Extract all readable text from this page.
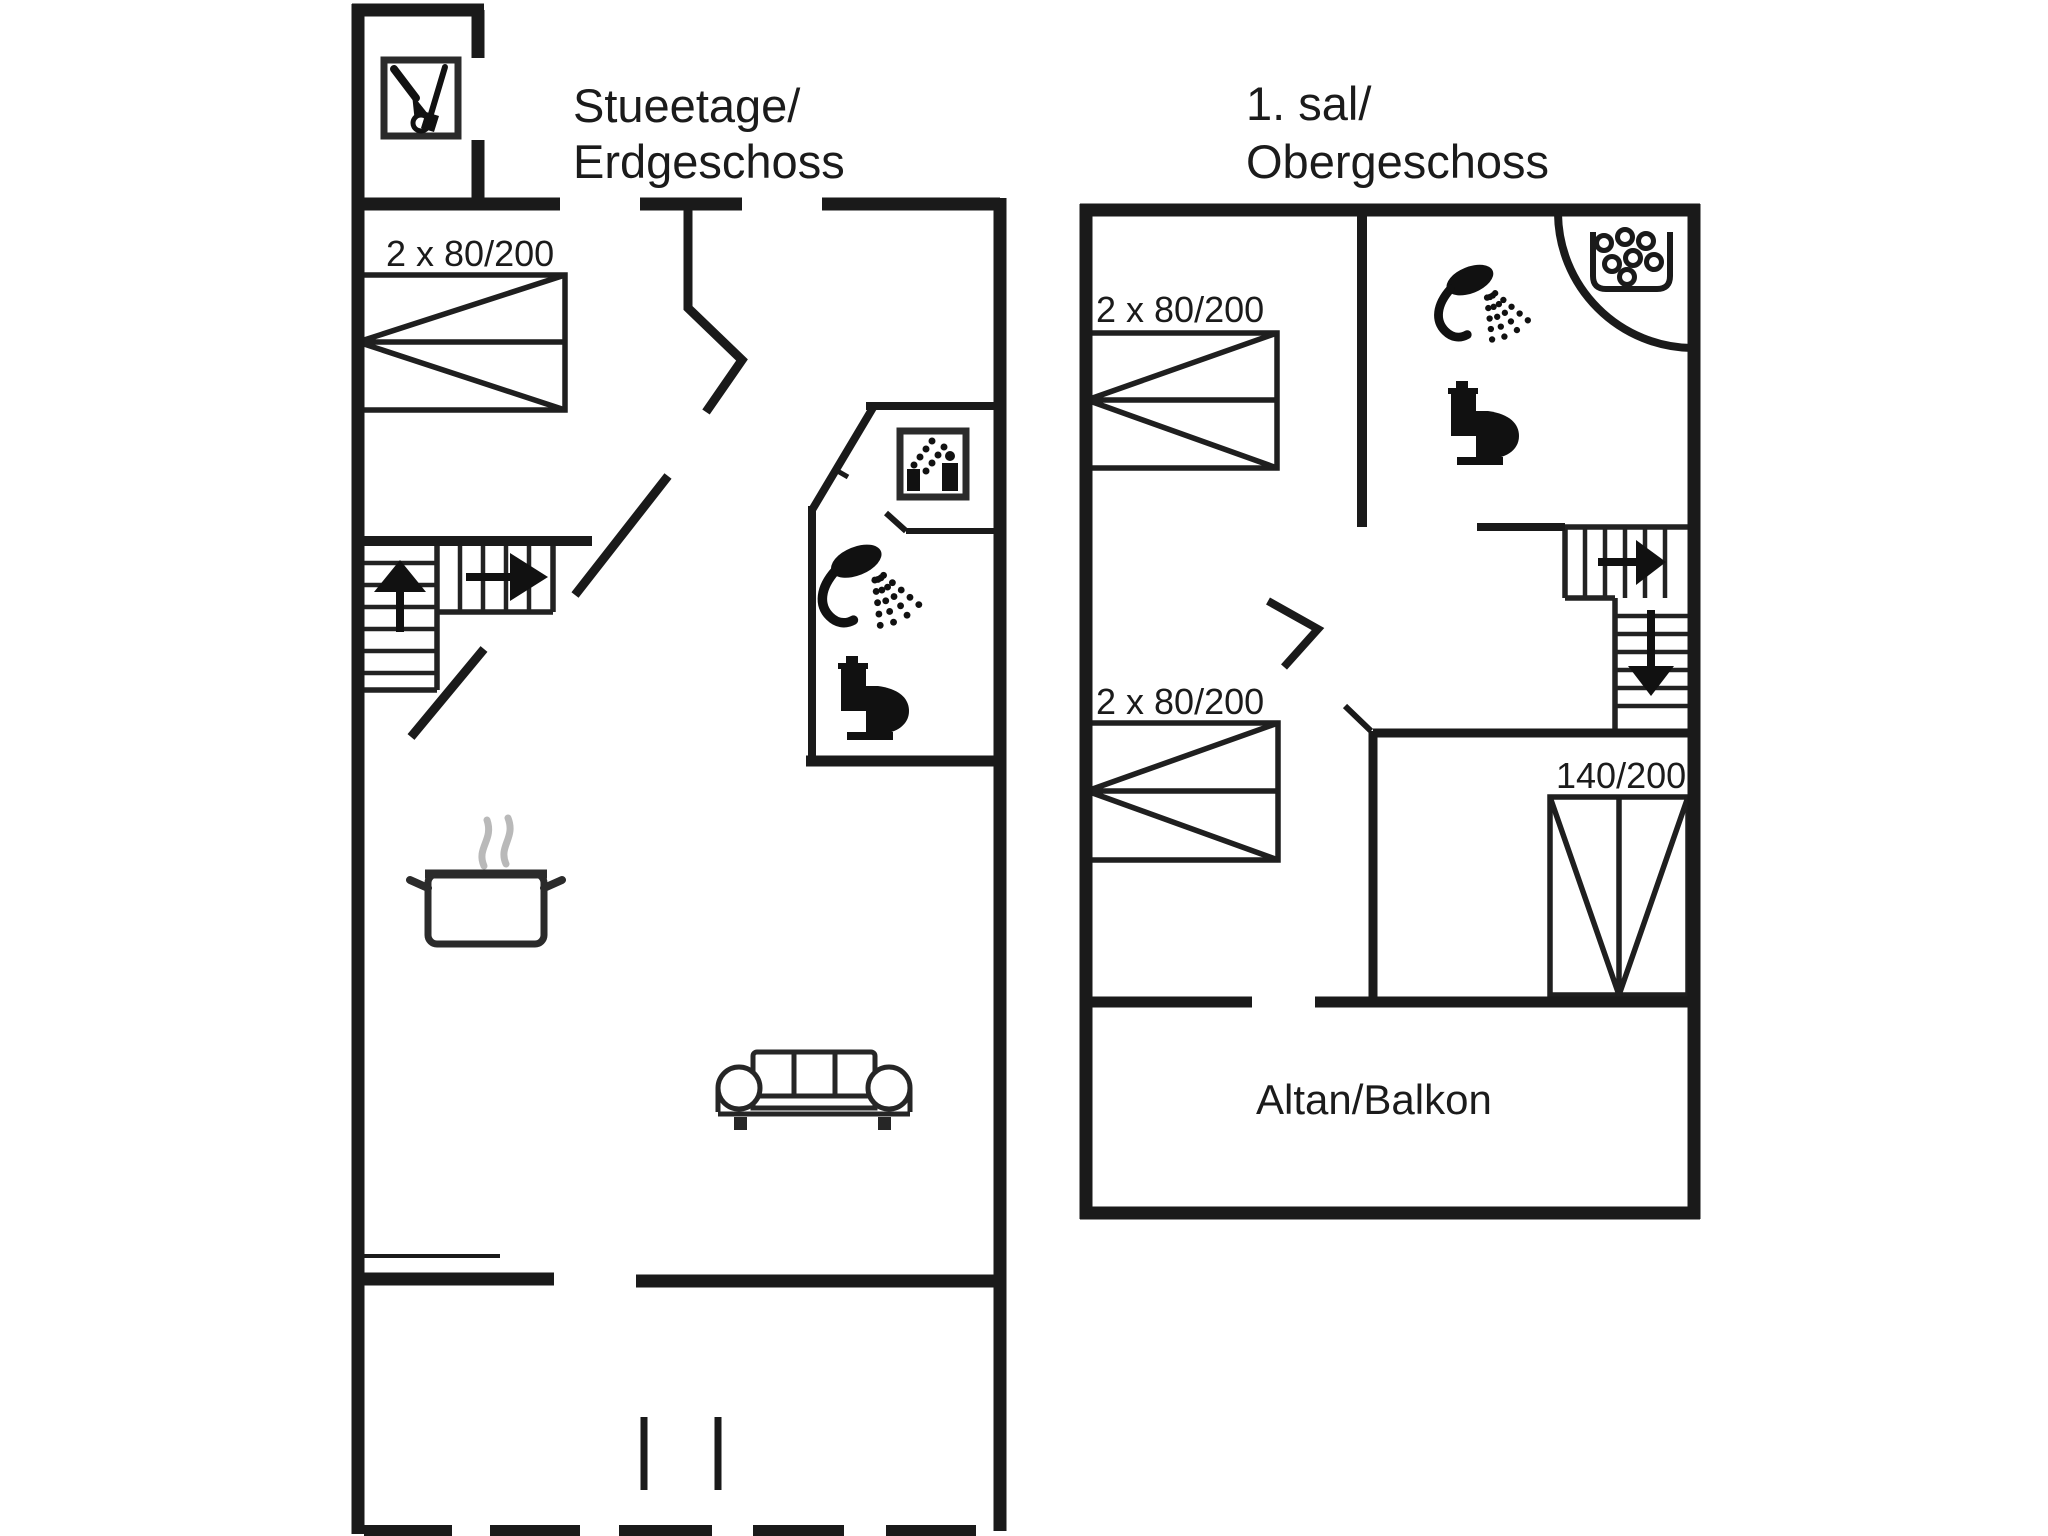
Stueetage/
Erdgeschoss
2 x 80/200
1. sal/
Obergeschoss
2 x 80/200
2 x 80/200
140/200
Altan/Balkon
